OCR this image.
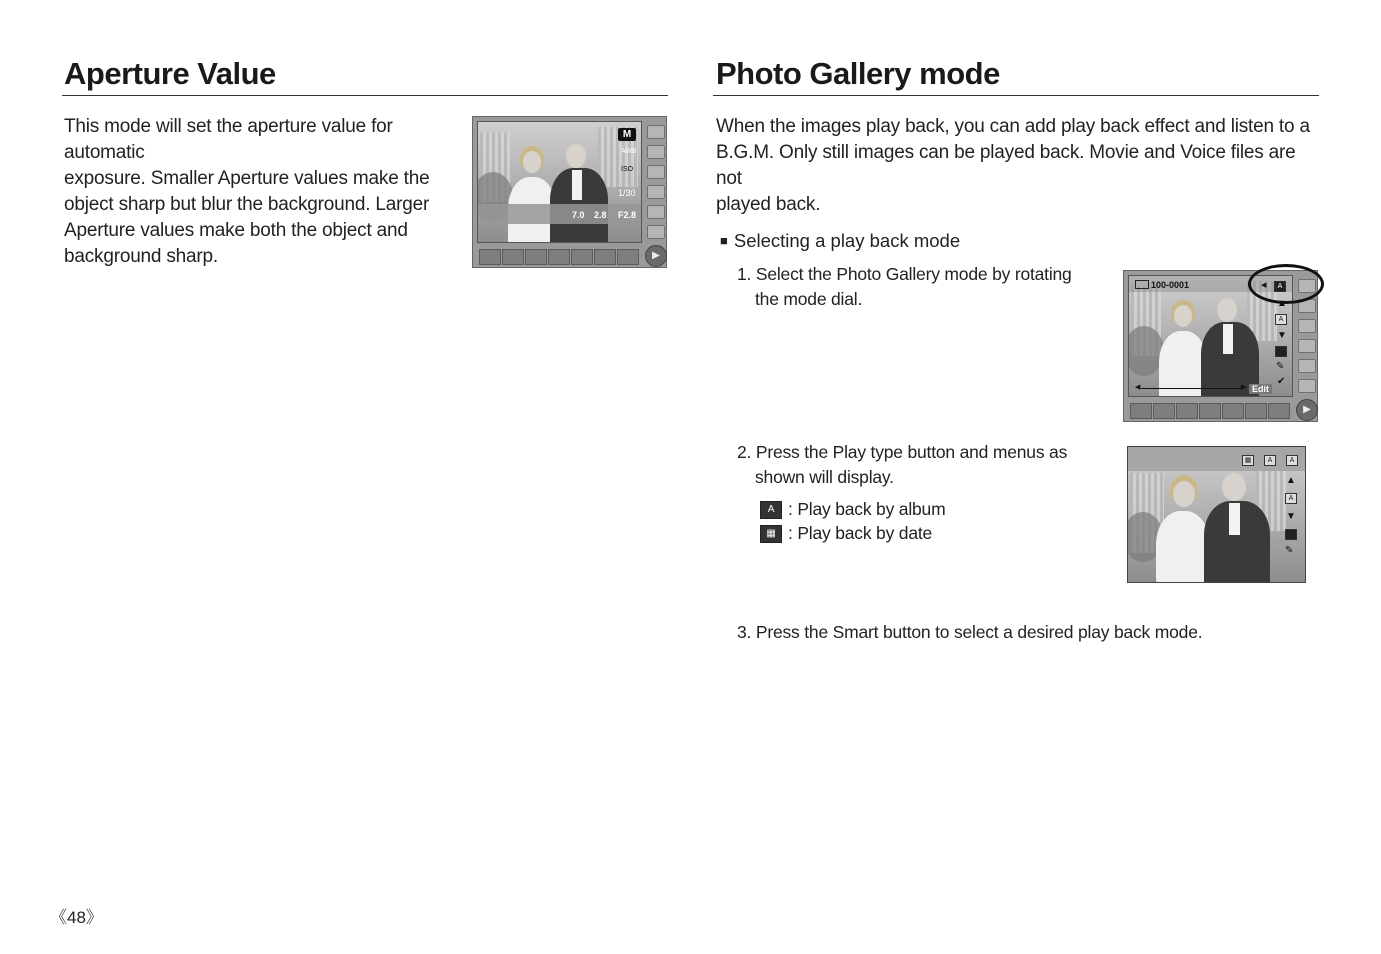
Aperture Value
This mode will set the aperture value for automatic
exposure. Smaller Aperture values make the
object sharp but blur the background. Larger
Aperture values make both the object and
background sharp.
7.0 2.8 F2.8
M
AWB
ISO
1/30
▶
Photo Gallery mode
When the images play back, you can add play back effect and listen to a
B.G.M. Only still images can be played back. Movie and Voice files are not
played back.
■ Selecting a play back mode
1. Select the Photo Gallery mode by rotating
the mode dial.
100-0001	◀	A
▲
A
▼
✎
✔
◀	▶ Edit
▶
2. Press the Play type button and menus as
shown will display.
A : Play back by album
▦ : Play back by date
▦	A	A
▲
A
▼
✎
3. Press the Smart button to select a desired play back mode.
《48》
